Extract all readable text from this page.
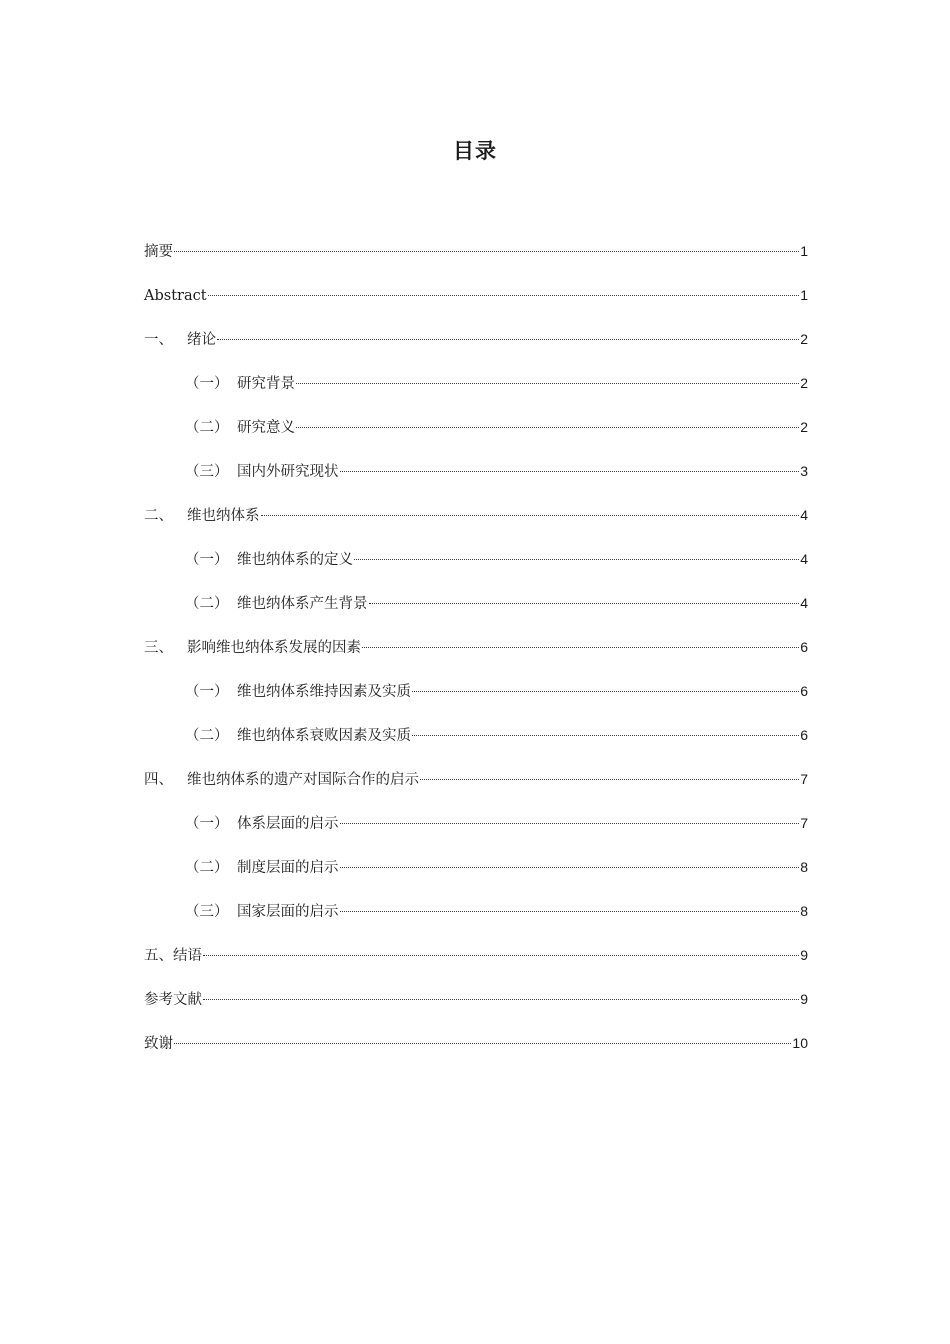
目录
摘要	1
Abstract	1
一、 绪论	2
（一） 研究背景	2
（二） 研究意义	2
（三） 国内外研究现状	3
二、 维也纳体系	4
（一） 维也纳体系的定义	4
（二） 维也纳体系产生背景	4
三、 影响维也纳体系发展的因素	6
（一） 维也纳体系维持因素及实质	6
（二） 维也纳体系衰败因素及实质	6
四、 维也纳体系的遗产对国际合作的启示	7
（一） 体系层面的启示	7
（二） 制度层面的启示	8
（三） 国家层面的启示	8
五、结语	9
参考文献	9
致谢	10
